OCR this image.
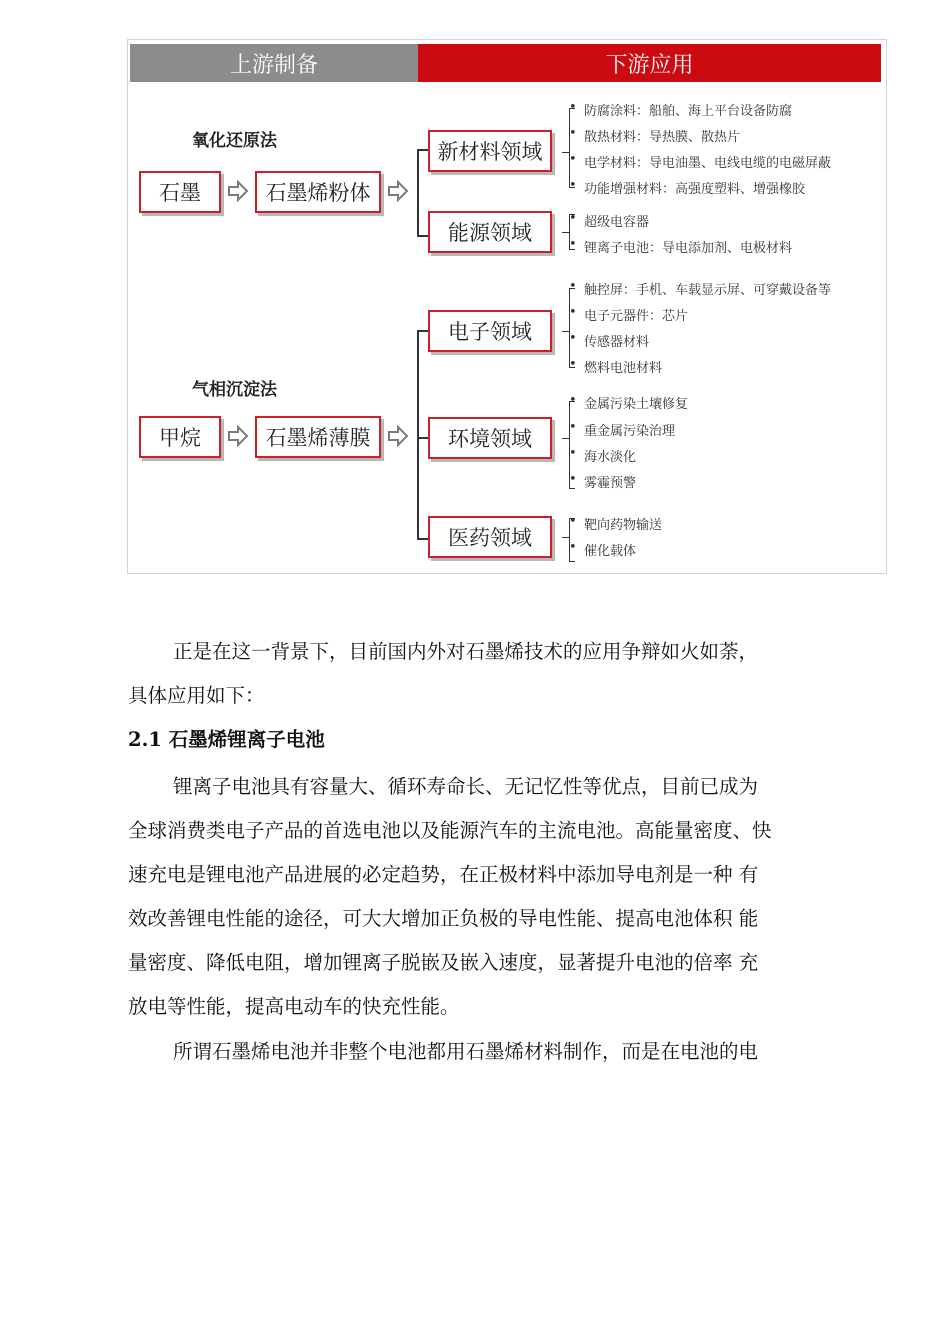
上游制备	下游应用
氧化还原法
气相沉淀法
石墨	石墨烯粉体
甲烷	石墨烯薄膜
新材料领域
能源领域
电子领域
环境领域
医药领域
• 防腐涂料：船舶、海上平台设备防腐
• 散热材料：导热膜、散热片
• 电学材料：导电油墨、电线电缆的电磁屏蔽
• 功能增强材料：高强度塑料、增强橡胶
• 超级电容器
• 锂离子电池：导电添加剂、电极材料
• 触控屏：手机、车载显示屏、可穿戴设备等
• 电子元器件：芯片
• 传感器材料
• 燃料电池材料
• 金属污染土壤修复
• 重金属污染治理
• 海水淡化
• 雾霾预警
• 靶向药物输送
• 催化载体
正是在这一背景下，目前国内外对石墨烯技术的应用争辩如火如荼，
具体应用如下：
2.1 石墨烯锂离子电池
锂离子电池具有容量大、循环寿命长、无记忆性等优点，目前已成为
全球消费类电子产品的首选电池以及能源汽车的主流电池。高能量密度、快
速充电是锂电池产品进展的必定趋势，在正极材料中添加导电剂是一种 有
效改善锂电性能的途径，可大大增加正负极的导电性能、提高电池体积 能
量密度、降低电阻，增加锂离子脱嵌及嵌入速度，显著提升电池的倍率 充
放电等性能，提高电动车的快充性能。
所谓石墨烯电池并非整个电池都用石墨烯材料制作，而是在电池的电
